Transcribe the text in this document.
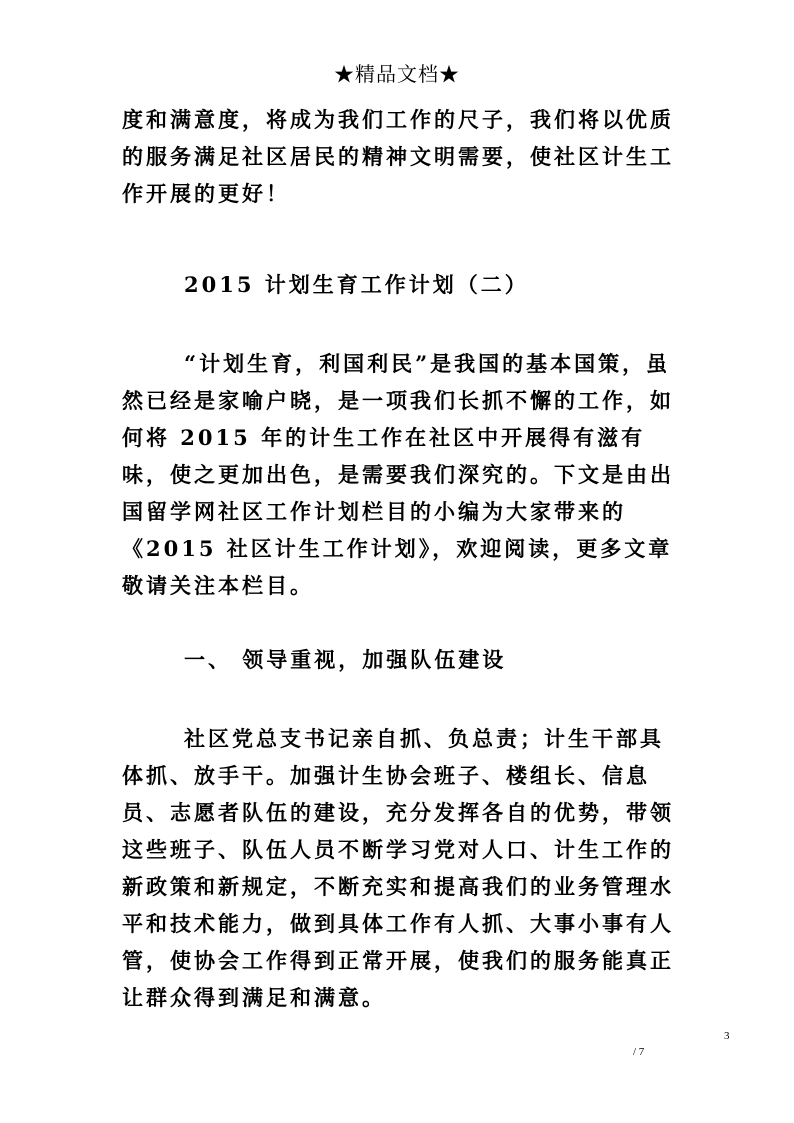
★精品文档★

度和满意度，将成为我们工作的尺子，我们将以优质的服务满足社区居民的精神文明需要，使社区计生工作开展的更好！

2015 计划生育工作计划（二）

“计划生育，利国利民”是我国的基本国策，虽然已经是家喻户晓，是一项我们长抓不懈的工作，如何将 2015 年的计生工作在社区中开展得有滋有味，使之更加出色，是需要我们深究的。下文是由出国留学网社区工作计划栏目的小编为大家带来的《2015 社区计生工作计划》，欢迎阅读，更多文章敬请关注本栏目。

一、 领导重视，加强队伍建设

社区党总支书记亲自抓、负总责；计生干部具体抓、放手干。加强计生协会班子、楼组长、信息员、志愿者队伍的建设，充分发挥各自的优势，带领这些班子、队伍人员不断学习党对人口、计生工作的新政策和新规定，不断充实和提高我们的业务管理水平和技术能力，做到具体工作有人抓、大事小事有人管，使协会工作得到正常开展，使我们的服务能真正让群众得到满足和满意。

3
/ 7
